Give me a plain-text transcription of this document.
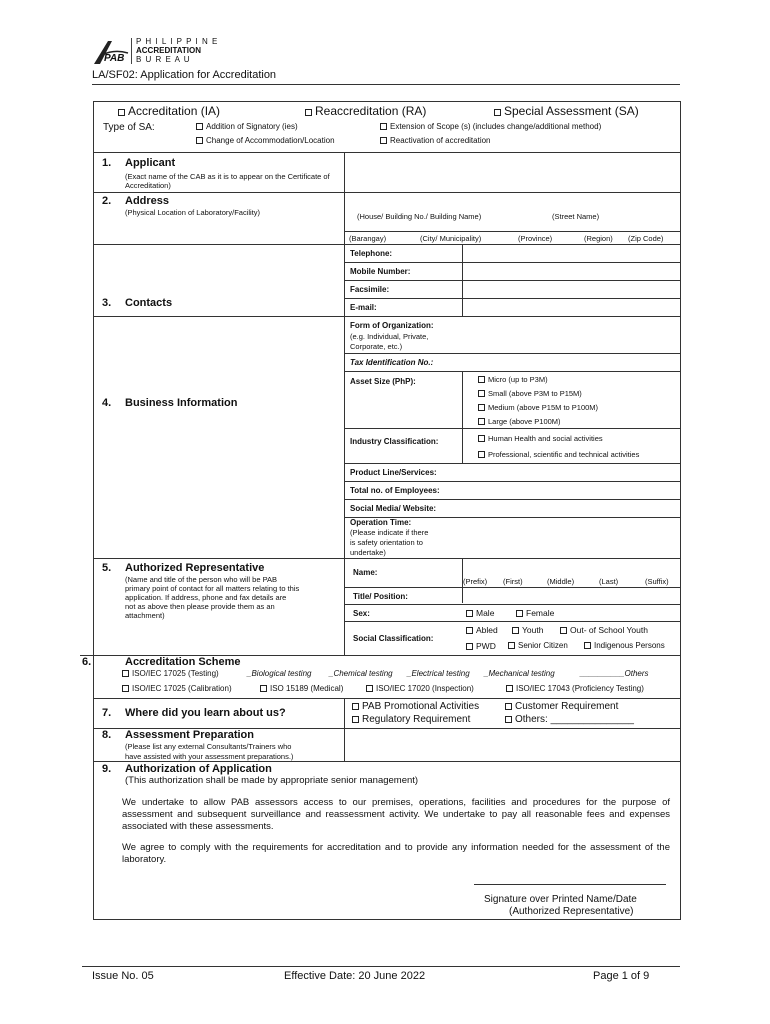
PAB
P H I L I P P I N E
ACCREDITATION
B U R E A U
LA/SF02: Application for Accreditation
Accreditation (IA)	Reaccreditation (RA)	Special Assessment (SA)
Type of SA:	Addition of Signatory (ies)
Change of Accommodation/Location
Extension of Scope (s) (includes change/additional method)
Reactivation of accreditation
1. Applicant
(Exact name of the CAB as it is to appear on the Certificate of Accreditation)
2. Address
(Physical Location of Laboratory/Facility)	(House/ Building No./ Building Name)	(Street Name)
(Barangay)	(City/ Municipality)	(Province)	(Region) (Zip Code)
3. Contacts
Telephone:
Mobile Number:
Facsimile:
E-mail:
4. Business Information
Form of Organization:
(e.g. Individual, Private,
Corporate, etc.)
Tax Identification No.:
Asset Size (PhP):	Micro (up to P3M)
Small (above P3M to P15M)
Medium (above P15M to P100M)
Large (above P100M)
Industry Classification:	Human Health and social activities
Professional, scientific and technical activities
Product Line/Services:
Total no. of Employees:
Social Media/ Website:
Operation Time:
(Please indicate if there
is safety orientation to
undertake)
5. Authorized Representative
(Name and title of the person who will be PAB
primary point of contact for all matters relating to this
application. If address, phone and fax details are
not as above then please provide them as an
attachment)
Name:
(Prefix) (First)	(Middle)	(Last)	(Suffix)
Title/ Position:
Sex:	Male	Female
Social Classification:
Abled	Youth	Out- of School Youth
PWD	Senior Citizen	Indigenous Persons
6.	Accreditation Scheme
ISO/IEC 17025 (Testing)	_Biological testing _Chemical testing _Electrical testing _Mechanical testing	__________Others
ISO/IEC 17025 (Calibration)	ISO 15189 (Medical)	ISO/IEC 17020 (Inspection)	ISO/IEC 17043 (Proficiency Testing)
7. Where did you learn about us?
PAB Promotional Activities
Regulatory Requirement
Customer Requirement
Others: _______________
8. Assessment Preparation
(Please list any external Consultants/Trainers who
have assisted with your assessment preparations.)
9. Authorization of Application
(This authorization shall be made by appropriate senior management)
We undertake to allow PAB assessors access to our premises, operations, facilities and procedures for the purpose of assessment and subsequent surveillance and reassessment activity. We undertake to pay all reasonable fees and expenses associated with these assessments.
We agree to comply with the requirements for accreditation and to provide any information needed for the assessment of the laboratory.
Signature over Printed Name/Date
(Authorized Representative)
Issue No. 05	Effective Date: 20 June 2022	Page 1 of 9
